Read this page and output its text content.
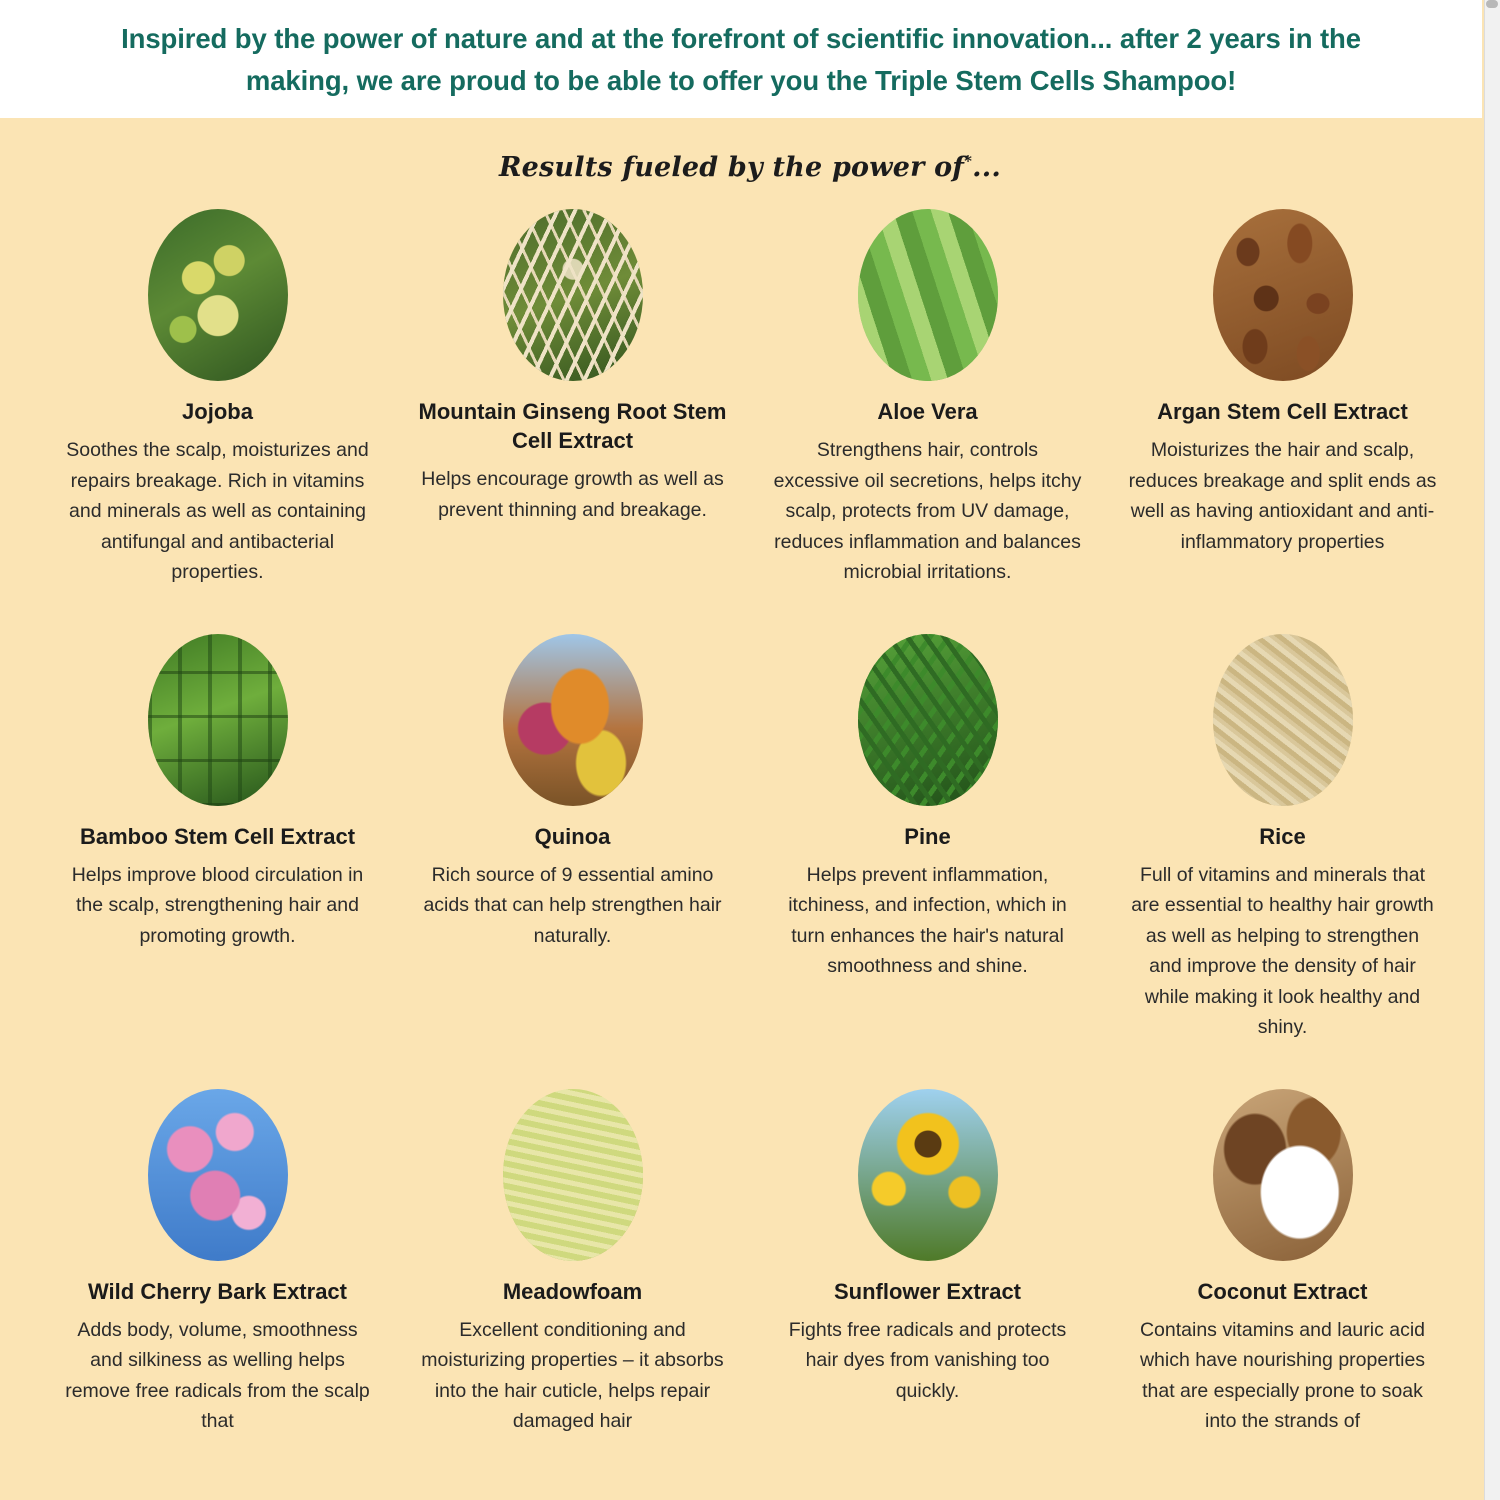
Inspired by the power of nature and at the forefront of scientific innovation... after 2 years in the making, we are proud to be able to offer you the Triple Stem Cells Shampoo!
Results fueled by the power of*...
Jojoba
Soothes the scalp, moisturizes and repairs breakage. Rich in vitamins and minerals as well as containing antifungal and antibacterial properties.
Mountain Ginseng Root Stem Cell Extract
Helps encourage growth as well as prevent thinning and breakage.
Aloe Vera
Strengthens hair, controls excessive oil secretions, helps itchy scalp, protects from UV damage, reduces inflammation and balances microbial irritations.
Argan Stem Cell Extract
Moisturizes the hair and scalp, reduces breakage and split ends as well as having antioxidant and anti-inflammatory properties
Bamboo Stem Cell Extract
Helps improve blood circulation in the scalp, strengthening hair and promoting growth.
Quinoa
Rich source of 9 essential amino acids that can help strengthen hair naturally.
Pine
Helps prevent inflammation, itchiness, and infection, which in turn enhances the hair's natural smoothness and shine.
Rice
Full of vitamins and minerals that are essential to healthy hair growth as well as helping to strengthen and improve the density of hair while making it look healthy and shiny.
Wild Cherry Bark Extract
Adds body, volume, smoothness and silkiness as welling helps remove free radicals from the scalp that
Meadowfoam
Excellent conditioning and moisturizing properties – it absorbs into the hair cuticle, helps repair damaged hair
Sunflower Extract
Fights free radicals and protects hair dyes from vanishing too quickly.
Coconut Extract
Contains vitamins and lauric acid which have nourishing properties that are especially prone to soak into the strands of
